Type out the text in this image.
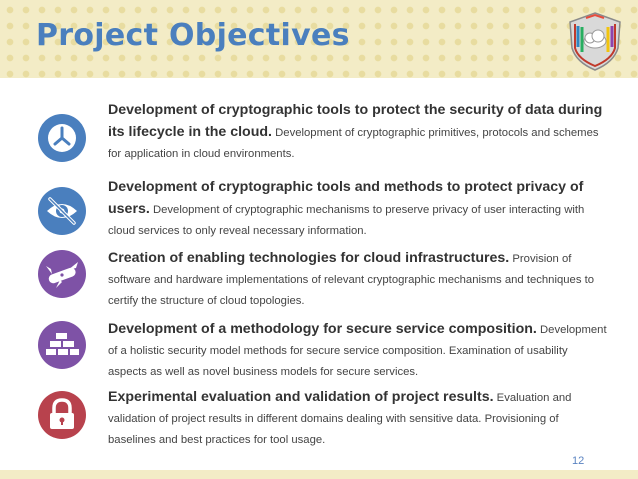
Project Objectives
Development of cryptographic tools to protect the security of data during its lifecycle in the cloud. Development of cryptographic primitives, protocols and schemes for application in cloud environments.
Development of cryptographic tools and methods to protect privacy of users. Development of cryptographic mechanisms to preserve privacy of user interacting with cloud services to only reveal necessary information.
Creation of enabling technologies for cloud infrastructures. Provision of software and hardware implementations of relevant cryptographic mechanisms and techniques to certify the structure of cloud topologies.
Development of a methodology for secure service composition. Development of a holistic security model methods for secure service composition. Examination of usability aspects as well as novel business models for secure services.
Experimental evaluation and validation of project results. Evaluation and validation of project results in different domains dealing with sensitive data. Provisioning of baselines and best practices for tool usage.
12
